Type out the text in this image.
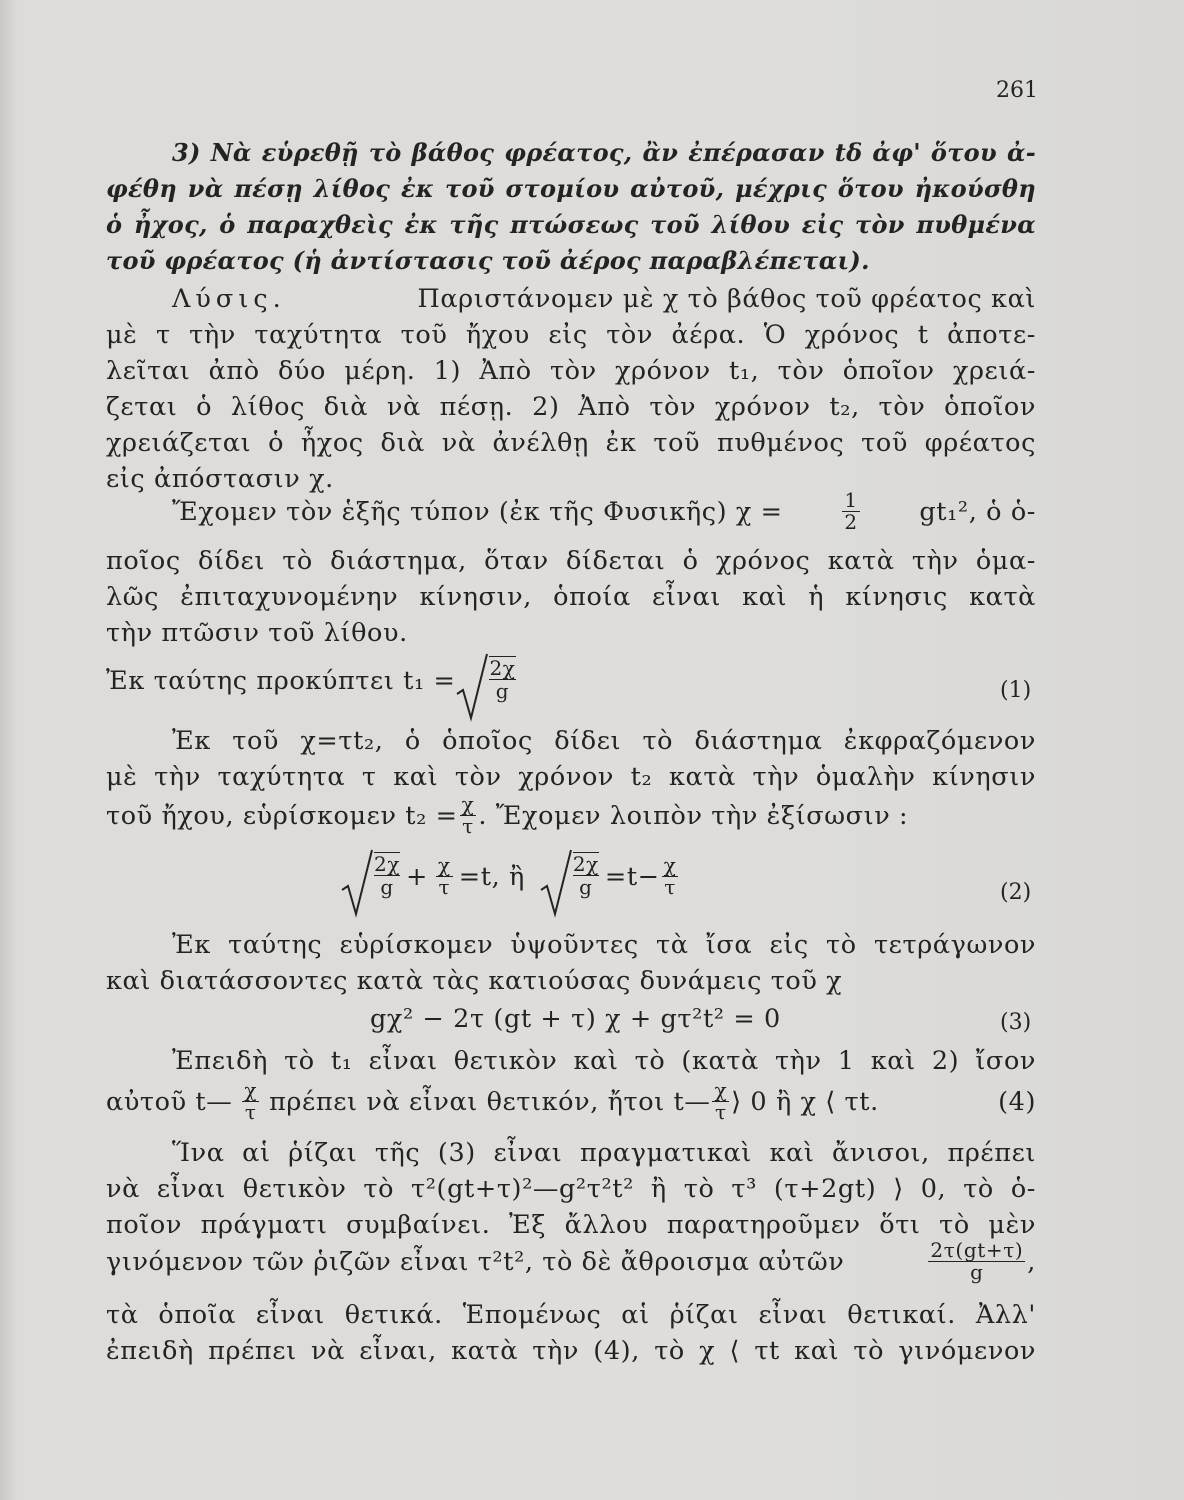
261
3) Νὰ εὑρεθῇ τὸ βάθος φρέατος, ἂν ἐπέρασαν tδ ἀφ' ὅτου ἀ-
φέθη νὰ πέσῃ λίθος ἐκ τοῦ στομίου αὐτοῦ, μέχρις ὅτου ἠκούσθη
ὁ ἦχος, ὁ παραχθεὶς ἐκ τῆς πτώσεως τοῦ λίθου εἰς τὸν πυθμένα
τοῦ φρέατος (ἡ ἀντίστασις τοῦ ἀέρος παραβλέπεται).
Λύσις.	Παριστάνομεν μὲ χ τὸ βάθος τοῦ φρέατος καὶ
μὲ τ τὴν ταχύτητα τοῦ ἤχου εἰς τὸν ἀέρα. Ὁ χρόνος t ἀποτε-
λεῖται ἀπὸ δύο μέρη. 1) Ἀπὸ τὸν χρόνον t₁, τὸν ὁποῖον χρειά-
ζεται ὁ λίθος διὰ νὰ πέσῃ. 2) Ἀπὸ τὸν χρόνον t₂, τὸν ὁποῖον
χρειάζεται ὁ ἦχος διὰ νὰ ἀνέλθῃ ἐκ τοῦ πυθμένος τοῦ φρέατος
εἰς ἀπόστασιν χ.
Ἔχομεν τὸν ἑξῆς τύπον (ἐκ τῆς Φυσικῆς) χ =	$\frac{1}{2} gt_1^2$, ὁ ὁ-
ποῖος δίδει τὸ διάστημα, ὅταν δίδεται ὁ χρόνος κατὰ τὴν ὁμα-
λῶς ἐπιταχυνομένην κίνησιν, ὁποία εἶναι καὶ ἡ κίνησις κατὰ
τὴν πτῶσιν τοῦ λίθου.
Ἐκ ταύτης προκύπτει $t_1 = \frac{2\chi}{g}$	(1)
Ἐκ τοῦ χ=τt₂, ὁ ὁποῖος δίδει τὸ διάστημα ἐκφραζόμενον
μὲ τὴν ταχύτητα τ καὶ τὸν χρόνον t₂ κατὰ τὴν ὁμαλὴν κίνησιν
τοῦ ἤχου, εὑρίσκομεν $t_2 = \frac{\chi}{\tau}$ . Ἔχομεν λοιπὸν τὴν ἐξίσωσιν :
$\frac{2\chi}{g} + \frac{\chi}{\tau} =t$, ἢ $\frac{2\chi}{g} =t- \frac{\chi}{\tau}$	(2)
Ἐκ ταύτης εὑρίσκομεν ὑψοῦντες τὰ ἴσα εἰς τὸ τετράγωνον
καὶ διατάσσοντες κατὰ τὰς κατιούσας δυνάμεις τοῦ χ
gχ² − 2τ (gt + τ) χ + gτ²t² = 0	(3)
Ἐπειδὴ τὸ t₁ εἶναι θετικὸν καὶ τὸ (κατὰ τὴν 1 καὶ 2) ἴσον
αὐτοῦ t— $\frac{\chi}{\tau}$ πρέπει νὰ εἶναι θετικόν, ἤτοι t— $\frac{\chi}{\tau}$ ⟩ 0 ἢ χ ⟨ τt.	(4)
Ἵνα αἱ ῥίζαι τῆς (3) εἶναι πραγματικαὶ καὶ ἄνισοι, πρέπει
νὰ εἶναι θετικὸν τὸ τ²(gt+τ)²—g²τ²t² ἢ τὸ τ³ (τ+2gt) ⟩ 0, τὸ ὁ-
ποῖον πράγματι συμβαίνει. Ἐξ ἄλλου παρατηροῦμεν ὅτι τὸ μὲν
γινόμενον τῶν ῥιζῶν εἶναι τ²t², τὸ δὲ ἄθροισμα αὐτῶν	$\frac{2\tau(gt+\tau)}{g}$ ,
τὰ ὁποῖα εἶναι θετικά. Ἑπομένως αἱ ῥίζαι εἶναι θετικαί. Ἀλλ'
ἐπειδὴ πρέπει νὰ εἶναι, κατὰ τὴν (4), τὸ χ ⟨ τt καὶ τὸ γινόμενον
